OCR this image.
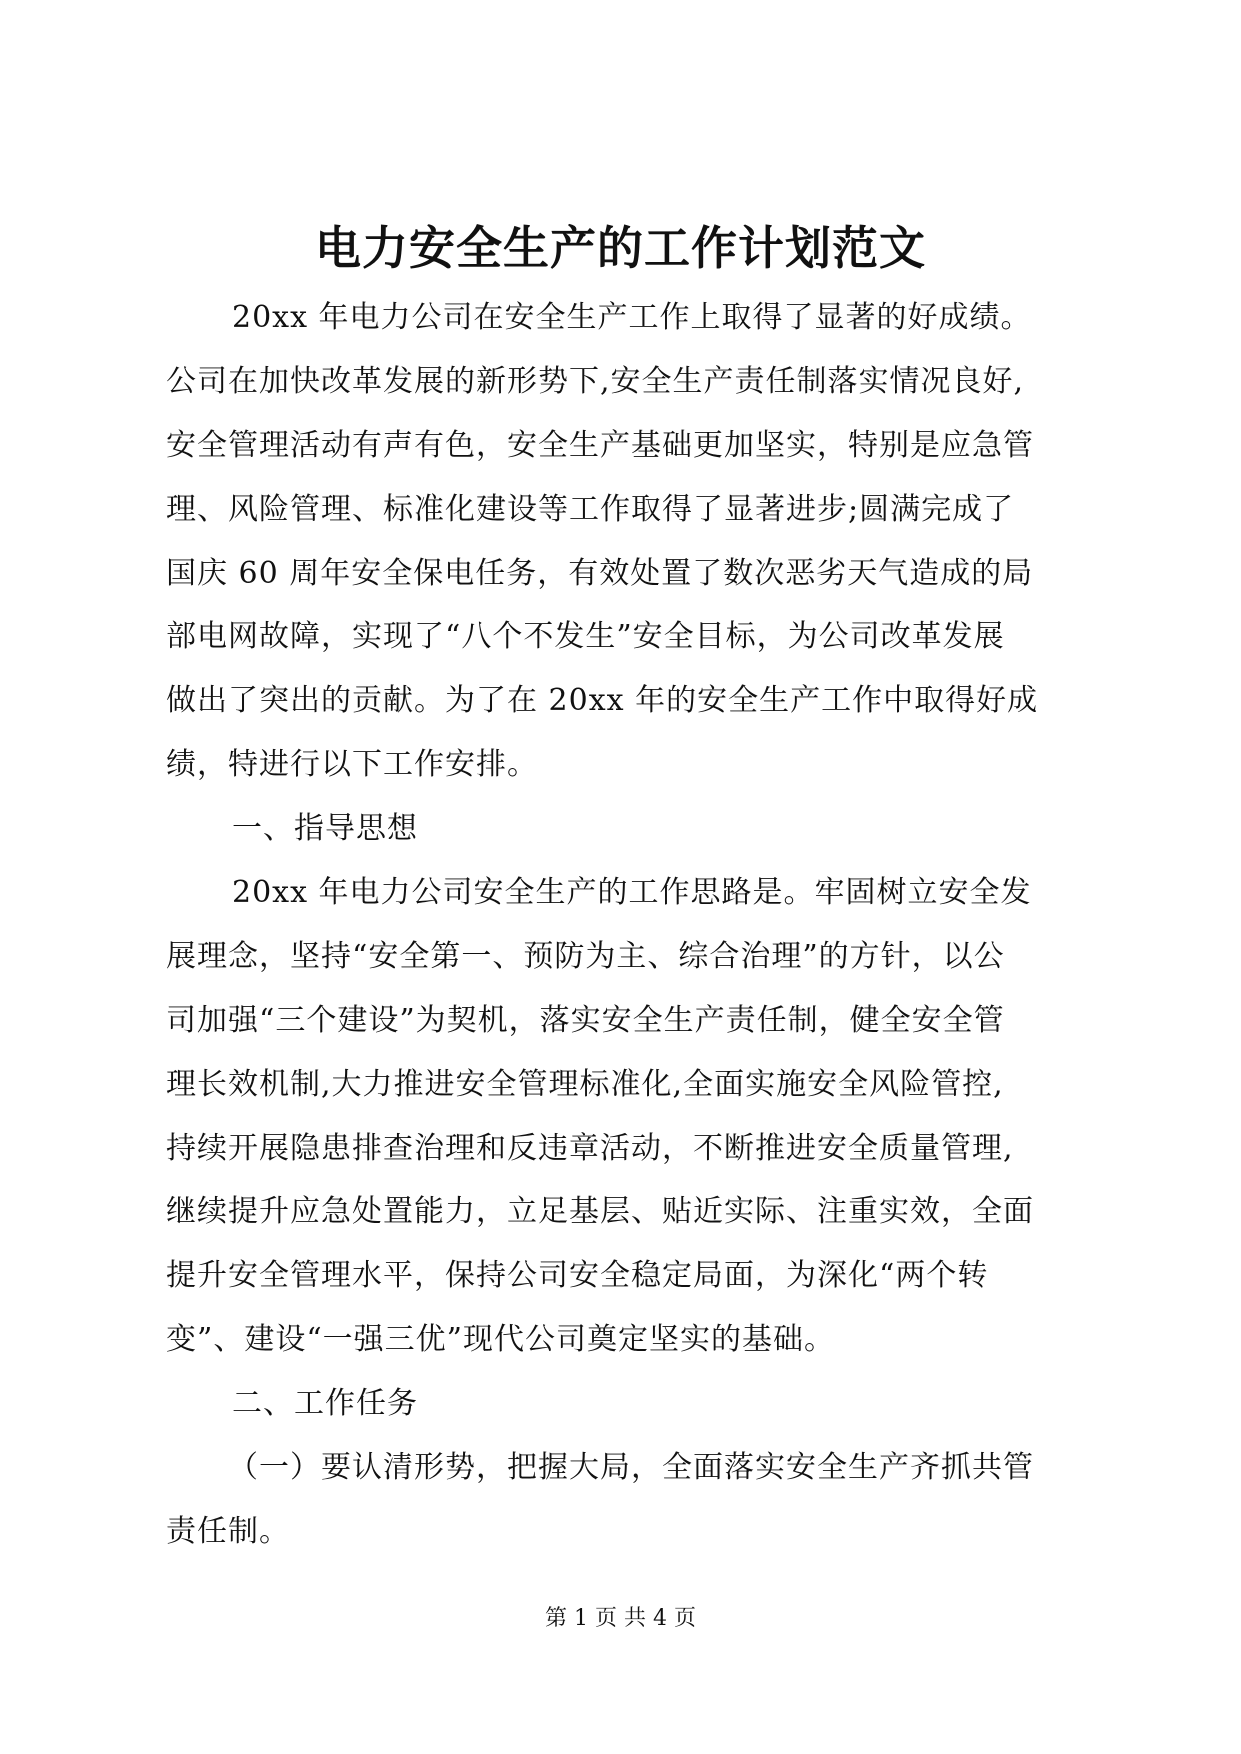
电力安全生产的工作计划范文
20xx 年电力公司在安全生产工作上取得了显著的好成绩。
公司在加快改革发展的新形势下,安全生产责任制落实情况良好,
安全管理活动有声有色，安全生产基础更加坚实，特别是应急管
理、风险管理、标准化建设等工作取得了显著进步;圆满完成了
国庆 60 周年安全保电任务，有效处置了数次恶劣天气造成的局
部电网故障，实现了“八个不发生”安全目标，为公司改革发展
做出了突出的贡献。为了在 20xx 年的安全生产工作中取得好成
绩，特进行以下工作安排。
一、指导思想
20xx 年电力公司安全生产的工作思路是。牢固树立安全发
展理念，坚持“安全第一、预防为主、综合治理”的方针，以公
司加强“三个建设”为契机，落实安全生产责任制，健全安全管
理长效机制,大力推进安全管理标准化,全面实施安全风险管控,
持续开展隐患排查治理和反违章活动，不断推进安全质量管理,
继续提升应急处置能力，立足基层、贴近实际、注重实效，全面
提升安全管理水平，保持公司安全稳定局面，为深化“两个转
变”、建设“一强三优”现代公司奠定坚实的基础。
二、工作任务
（一）要认清形势，把握大局，全面落实安全生产齐抓共管
责任制。
第 1 页 共 4 页
